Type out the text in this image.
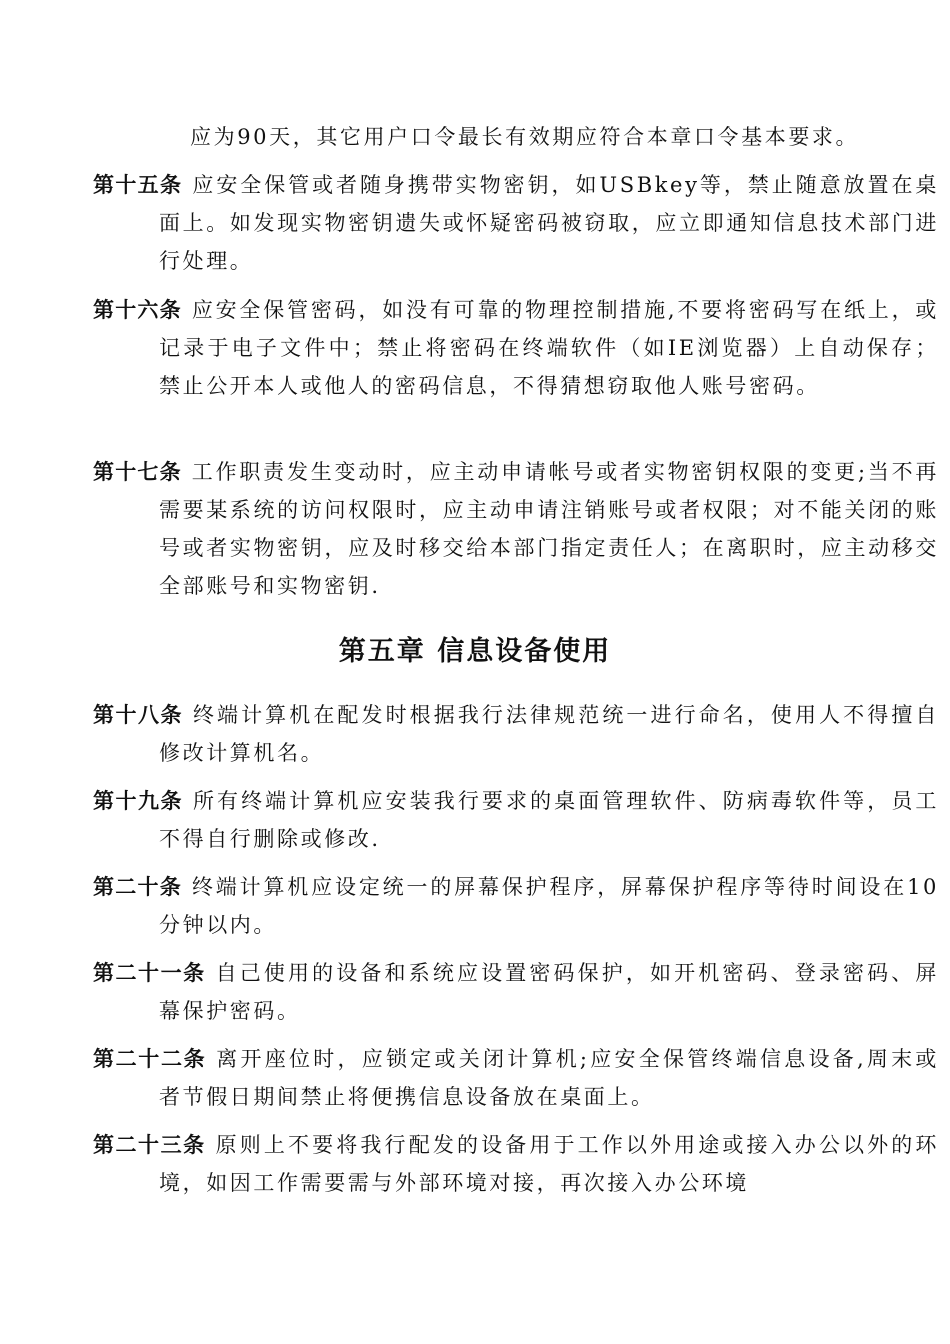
应为90天，其它用户口令最长有效期应符合本章口令基本要求。
第十五条 应安全保管或者随身携带实物密钥，如USBkey等，禁止随意放置在桌面上。如发现实物密钥遗失或怀疑密码被窃取，应立即通知信息技术部门进行处理。
第十六条 应安全保管密码，如没有可靠的物理控制措施,不要将密码写在纸上，或记录于电子文件中；禁止将密码在终端软件（如IE浏览器）上自动保存；禁止公开本人或他人的密码信息，不得猜想窃取他人账号密码。
第十七条 工作职责发生变动时，应主动申请帐号或者实物密钥权限的变更;当不再需要某系统的访问权限时，应主动申请注销账号或者权限；对不能关闭的账号或者实物密钥，应及时移交给本部门指定责任人；在离职时，应主动移交全部账号和实物密钥.
第五章 信息设备使用
第十八条 终端计算机在配发时根据我行法律规范统一进行命名，使用人不得擅自修改计算机名。
第十九条 所有终端计算机应安装我行要求的桌面管理软件、防病毒软件等，员工不得自行删除或修改.
第二十条 终端计算机应设定统一的屏幕保护程序，屏幕保护程序等待时间设在10分钟以内。
第二十一条 自己使用的设备和系统应设置密码保护，如开机密码、登录密码、屏幕保护密码。
第二十二条 离开座位时，应锁定或关闭计算机;应安全保管终端信息设备,周末或者节假日期间禁止将便携信息设备放在桌面上。
第二十三条 原则上不要将我行配发的设备用于工作以外用途或接入办公以外的环境，如因工作需要需与外部环境对接，再次接入办公环境
